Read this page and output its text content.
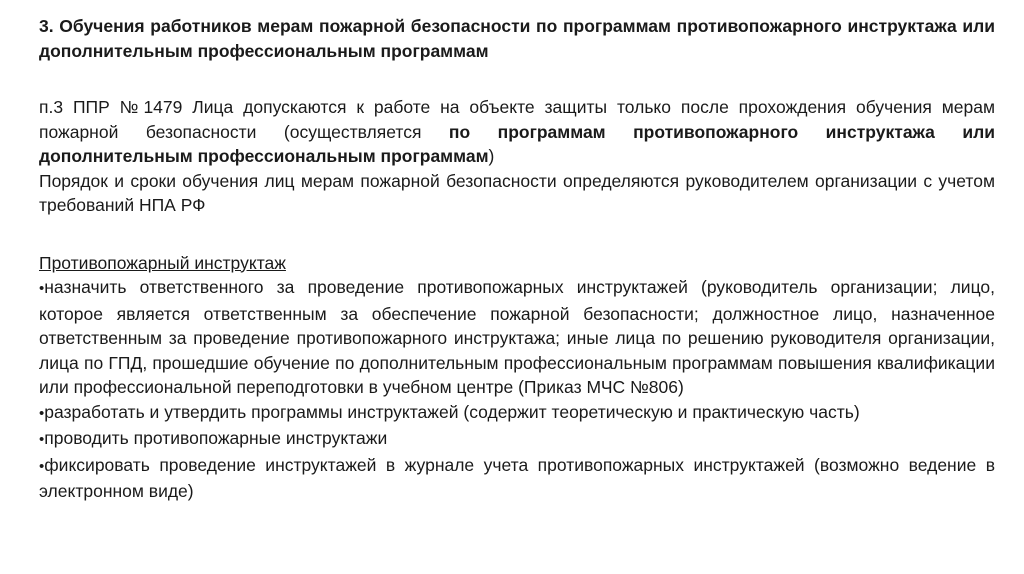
3. Обучения работников мерам пожарной безопасности по программам противопожарного инструктажа или дополнительным профессиональным программам

п.3 ППР №1479 Лица допускаются к работе на объекте защиты только после прохождения обучения мерам пожарной безопасности (осуществляется по программам противопожарного инструктажа или дополнительным профессиональным программам)

Порядок и сроки обучения лиц мерам пожарной безопасности определяются руководителем организации с учетом требований НПА РФ

Противопожарный инструктаж

•назначить ответственного за проведение противопожарных инструктажей (руководитель организации; лицо, которое является ответственным за обеспечение пожарной безопасности; должностное лицо, назначенное ответственным за проведение противопожарного инструктажа; иные лица по решению руководителя организации, лица по ГПД, прошедшие обучение по дополнительным профессиональным программам повышения квалификации или профессиональной переподготовки в учебном центре (Приказ МЧС №806)

•разработать и утвердить программы инструктажей (содержит теоретическую и практическую часть)

•проводить противопожарные инструктажи

•фиксировать проведение инструктажей в журнале учета противопожарных инструктажей (возможно ведение в электронном виде)
